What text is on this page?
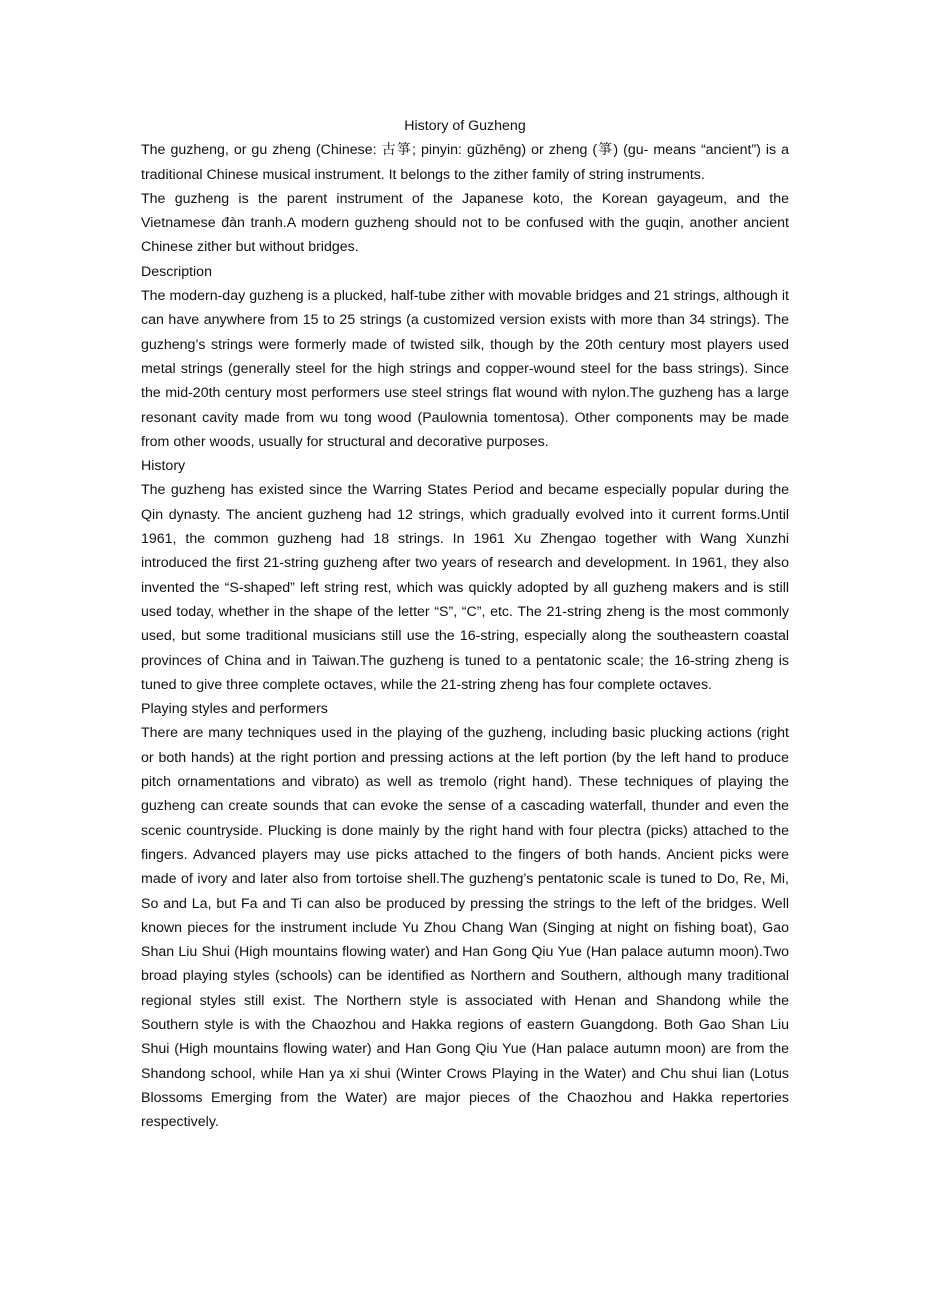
History of Guzheng

The guzheng, or gu zheng (Chinese: 古箏; pinyin: gǔzhēng) or zheng (箏) (gu- means “ancient”) is a traditional Chinese musical instrument. It belongs to the zither family of string instruments.

The guzheng is the parent instrument of the Japanese koto, the Korean gayageum, and the Vietnamese đàn tranh.A modern guzheng should not to be confused with the guqin, another ancient Chinese zither but without bridges.

Description

The modern-day guzheng is a plucked, half-tube zither with movable bridges and 21 strings, although it can have anywhere from 15 to 25 strings (a customized version exists with more than 34 strings). The guzheng’s strings were formerly made of twisted silk, though by the 20th century most players used metal strings (generally steel for the high strings and copper-wound steel for the bass strings). Since the mid-20th century most performers use steel strings flat wound with nylon.The guzheng has a large resonant cavity made from wu tong wood (Paulownia tomentosa). Other components may be made from other woods, usually for structural and decorative purposes.

History

The guzheng has existed since the Warring States Period and became especially popular during the Qin dynasty. The ancient guzheng had 12 strings, which gradually evolved into it current forms.Until 1961, the common guzheng had 18 strings. In 1961 Xu Zhengao together with Wang Xunzhi introduced the first 21-string guzheng after two years of research and development. In 1961, they also invented the “S-shaped” left string rest, which was quickly adopted by all guzheng makers and is still used today, whether in the shape of the letter “S”, “C”, etc. The 21-string zheng is the most commonly used, but some traditional musicians still use the 16-string, especially along the southeastern coastal provinces of China and in Taiwan.The guzheng is tuned to a pentatonic scale; the 16-string zheng is tuned to give three complete octaves, while the 21-string zheng has four complete octaves.

Playing styles and performers

There are many techniques used in the playing of the guzheng, including basic plucking actions (right or both hands) at the right portion and pressing actions at the left portion (by the left hand to produce pitch ornamentations and vibrato) as well as tremolo (right hand). These techniques of playing the guzheng can create sounds that can evoke the sense of a cascading waterfall, thunder and even the scenic countryside. Plucking is done mainly by the right hand with four plectra (picks) attached to the fingers. Advanced players may use picks attached to the fingers of both hands. Ancient picks were made of ivory and later also from tortoise shell.The guzheng’s pentatonic scale is tuned to Do, Re, Mi, So and La, but Fa and Ti can also be produced by pressing the strings to the left of the bridges. Well known pieces for the instrument include Yu Zhou Chang Wan (Singing at night on fishing boat), Gao Shan Liu Shui (High mountains flowing water) and Han Gong Qiu Yue (Han palace autumn moon).Two broad playing styles (schools) can be identified as Northern and Southern, although many traditional regional styles still exist. The Northern style is associated with Henan and Shandong while the Southern style is with the Chaozhou and Hakka regions of eastern Guangdong. Both Gao Shan Liu Shui (High mountains flowing water) and Han Gong Qiu Yue (Han palace autumn moon) are from the Shandong school, while Han ya xi shui (Winter Crows Playing in the Water) and Chu shui lian (Lotus Blossoms Emerging from the Water) are major pieces of the Chaozhou and Hakka repertories respectively.
